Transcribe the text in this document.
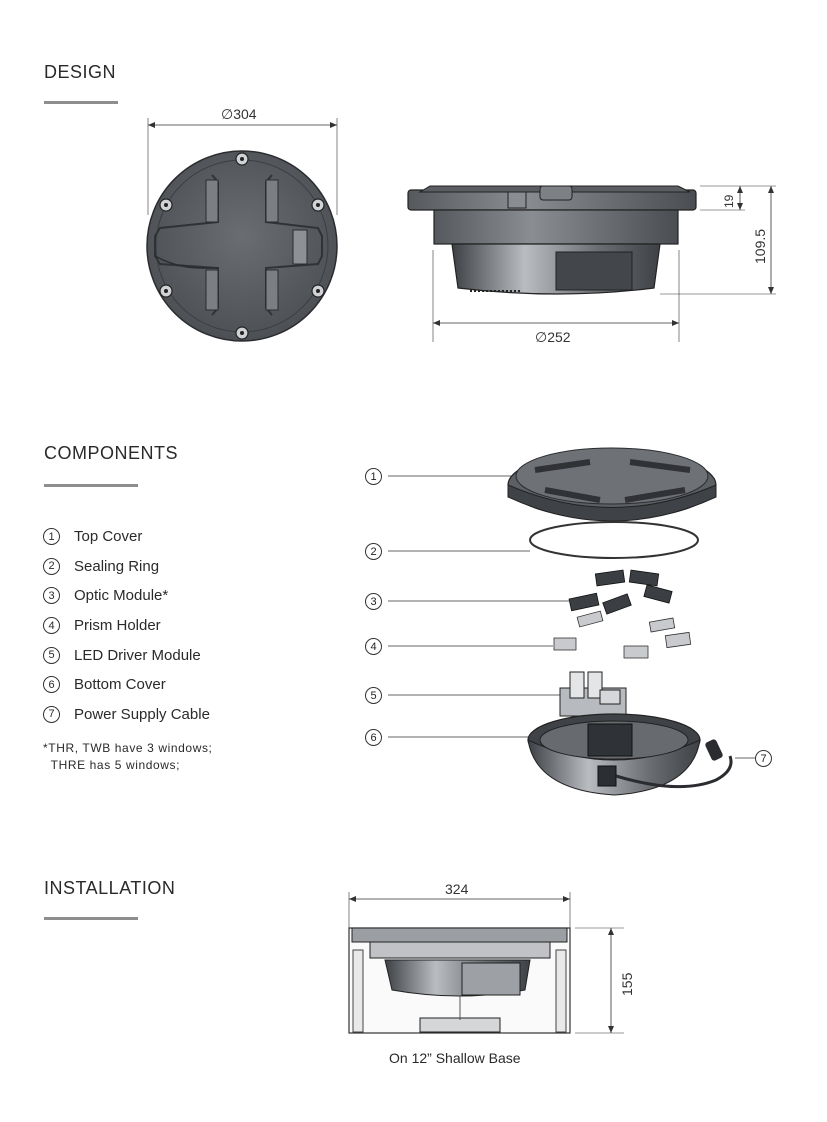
DESIGN
∅304
19
109.5
∅252
COMPONENTS
1	Top Cover
2	Sealing Ring
3	Optic Module*
4	Prism Holder
5	LED Driver Module
6	Bottom Cover
7	Power Supply Cable
*THR, TWB have 3 windows;
THRE has 5 windows;
1
2
3
4
5
6
7
INSTALLATION	324
155
On 12” Shallow Base
